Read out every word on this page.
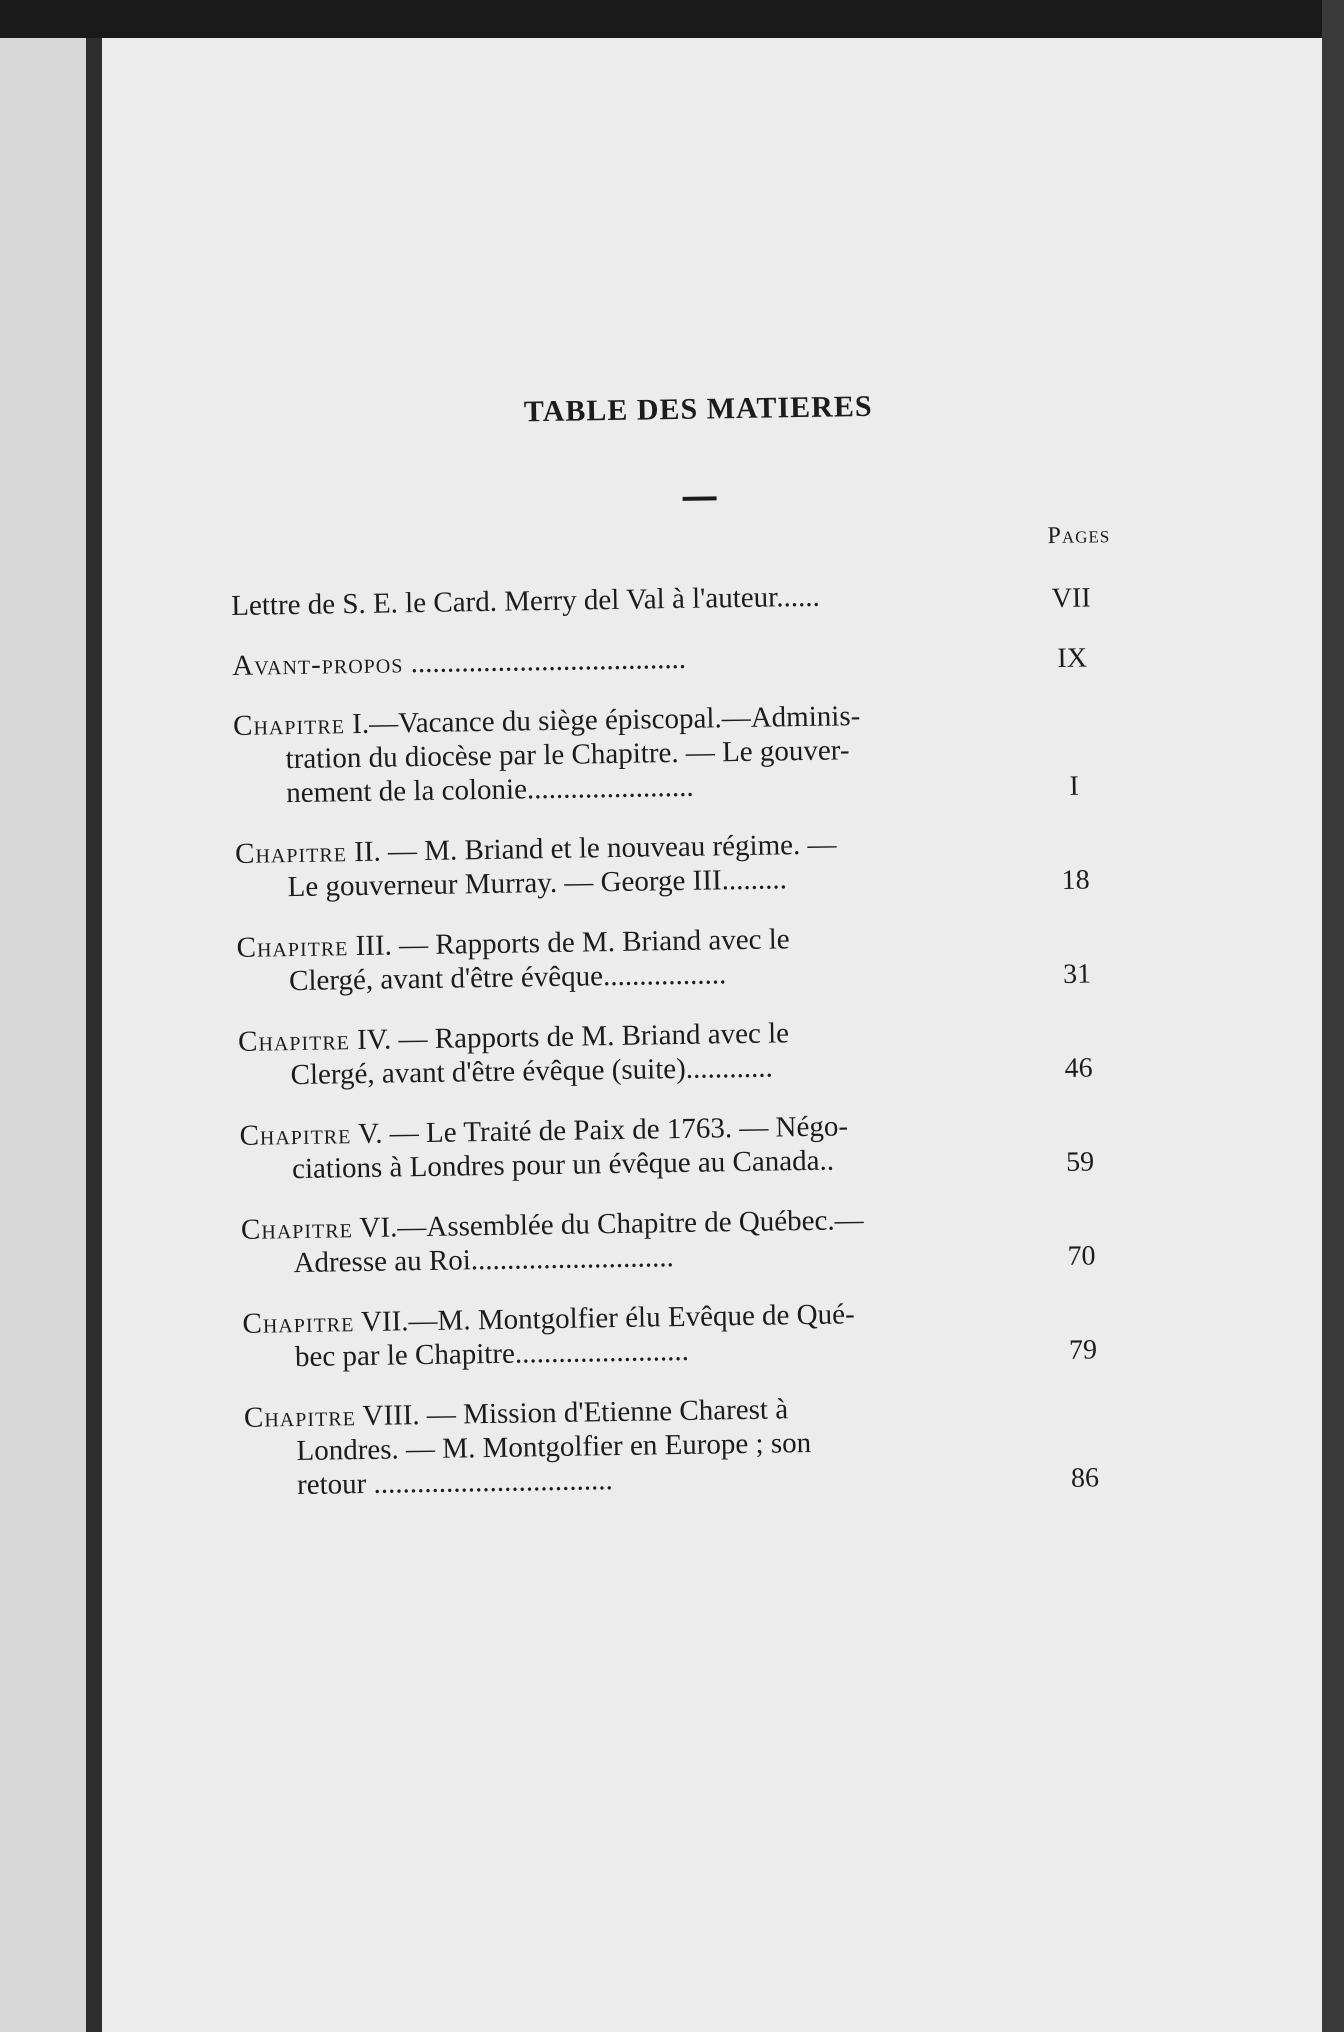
TABLE DES MATIERES
Pages
Lettre de S. E. le Card. Merry del Val à l'auteur......	VII
Avant-propos ......................................	IX
Chapitre I.—Vacance du siège épiscopal.—Adminis-
tration du diocèse par le Chapitre. — Le gouver-
nement de la colonie.......................	I
Chapitre II. — M. Briand et le nouveau régime. —
Le gouverneur Murray. — George III.........	18
Chapitre III. — Rapports de M. Briand avec le
Clergé, avant d'être évêque.................	31
Chapitre IV. — Rapports de M. Briand avec le
Clergé, avant d'être évêque (suite)............	46
Chapitre V. — Le Traité de Paix de 1763. — Négo-
ciations à Londres pour un évêque au Canada..	59
Chapitre VI.—Assemblée du Chapitre de Québec.—
Adresse au Roi............................	70
Chapitre VII.—M. Montgolfier élu Evêque de Qué-
bec par le Chapitre........................	79
Chapitre VIII. — Mission d'Etienne Charest à
Londres. — M. Montgolfier en Europe ; son
retour .................................	86
